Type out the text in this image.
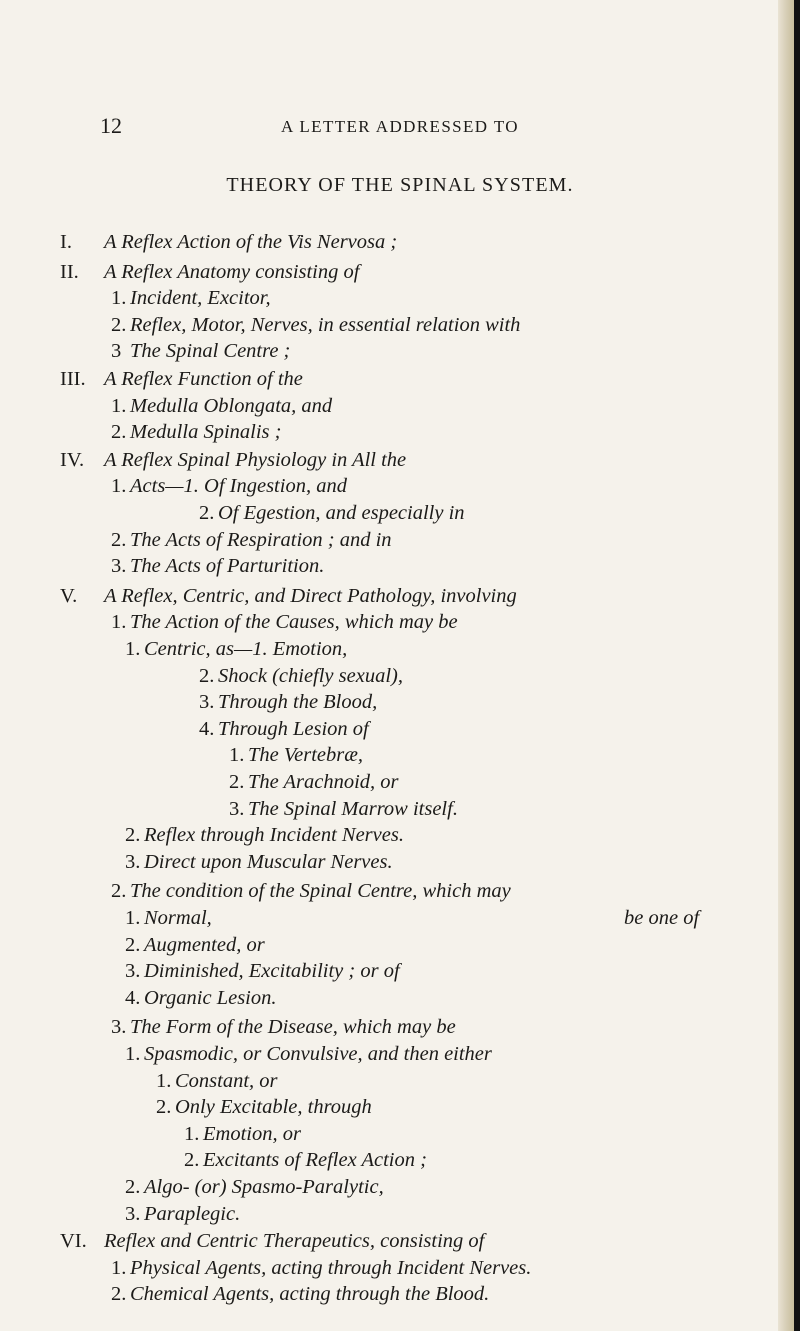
12	A LETTER ADDRESSED TO
THEORY OF THE SPINAL SYSTEM.
I. A Reflex Action of the Vis Nervosa ;
II. A Reflex Anatomy consisting of
1. Incident, Excitor,
2. Reflex, Motor, Nerves, in essential relation with
3 The Spinal Centre ;
III. A Reflex Function of the
1. Medulla Oblongata, and
2. Medulla Spinalis ;
IV. A Reflex Spinal Physiology in All the
1. Acts—1. Of Ingestion, and
2. Of Egestion, and especially in
2. The Acts of Respiration ; and in
3. The Acts of Parturition.
V. A Reflex, Centric, and Direct Pathology, involving
1. The Action of the Causes, which may be
1. Centric, as—1. Emotion,
2. Shock (chiefly sexual),
3. Through the Blood,
4. Through Lesion of
1. The Vertebræ,
2. The Arachnoid, or
3. The Spinal Marrow itself.
2. Reflex through Incident Nerves.
3. Direct upon Muscular Nerves.
2. The condition of the Spinal Centre, which may
1. Normal,	be one of
2. Augmented, or
3. Diminished, Excitability ; or of
4. Organic Lesion.
3. The Form of the Disease, which may be
1. Spasmodic, or Convulsive, and then either
1. Constant, or
2. Only Excitable, through
1. Emotion, or
2. Excitants of Reflex Action ;
2. Algo- (or) Spasmo-Paralytic,
3. Paraplegic.
VI. Reflex and Centric Therapeutics, consisting of
1. Physical Agents, acting through Incident Nerves.
2. Chemical Agents, acting through the Blood.
